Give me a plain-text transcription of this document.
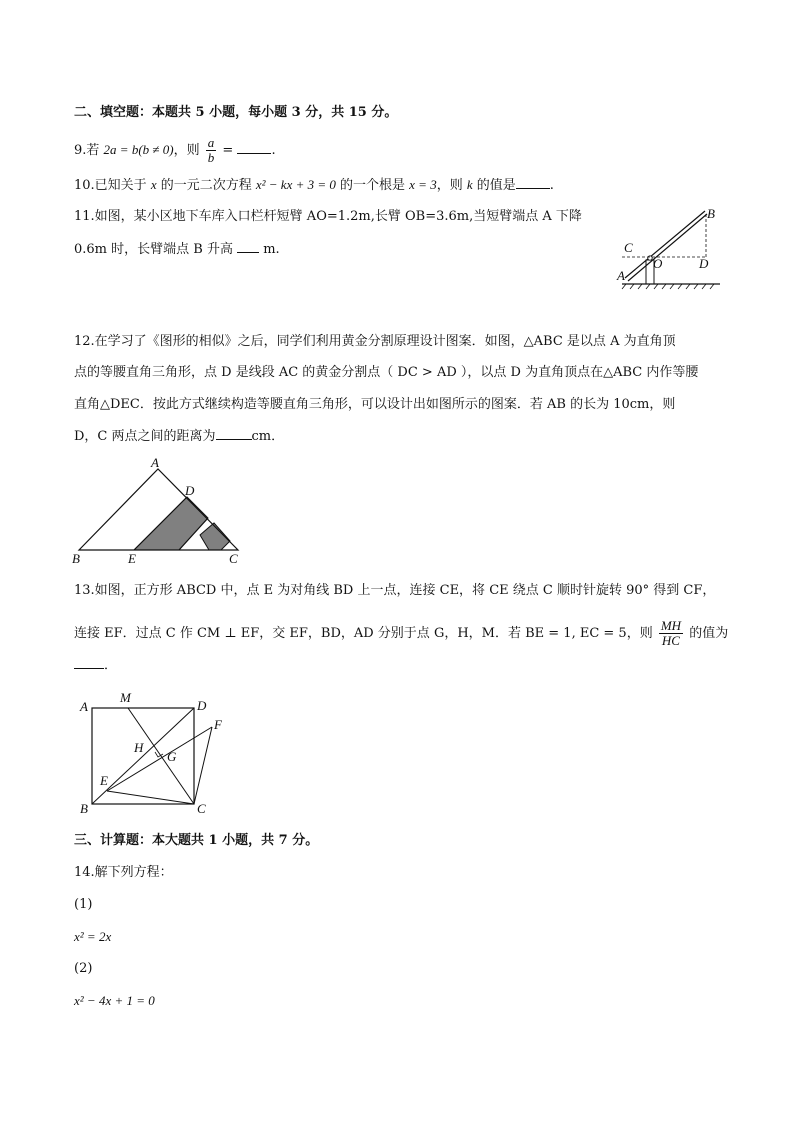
二、填空题：本题共 5 小题，每小题 3 分，共 15 分。
9.若 2a = b(b ≠ 0)，则 $\frac{a}{b}$ =	.
10.已知关于 x 的一元二次方程 x² − kx + 3 = 0 的一个根是 x = 3，则 k 的值是	.
11.如图，某小区地下车库入口栏杆短臂 AO=1.2m,长臂 OB=3.6m,当短臂端点 A 下降
0.6m 时，长臂端点 B 升高  m.
B
C
O	D
A
12.在学习了《图形的相似》之后，同学们利用黄金分割原理设计图案．如图，△ABC 是以点 A 为直角顶
点的等腰直角三角形，点 D 是线段 AC 的黄金分割点（ DC > AD ），以点 D 为直角顶点在△ABC 内作等腰
直角△DEC．按此方式继续构造等腰直角三角形，可以设计出如图所示的图案．若 AB 的长为 10cm，则
D，C 两点之间的距离为	cm．
A
D
B	E	C
13.如图，正方形 ABCD 中，点 E 为对角线 BD 上一点，连接 CE，将 CE 绕点 C 顺时针旋转 90° 得到 CF，
连接 EF．过点 C 作 CM ⊥ EF，交 EF，BD，AD 分别于点 G，H，M．若 BE = 1, EC = 5，则 $\frac{MH}{HC}$ 的值为
．
A
M
D
F
H
G
E
B	C
三、计算题：本大题共 1 小题，共 7 分。
14.解下列方程：
(1)
x² = 2x
(2)
x² − 4x + 1 = 0
